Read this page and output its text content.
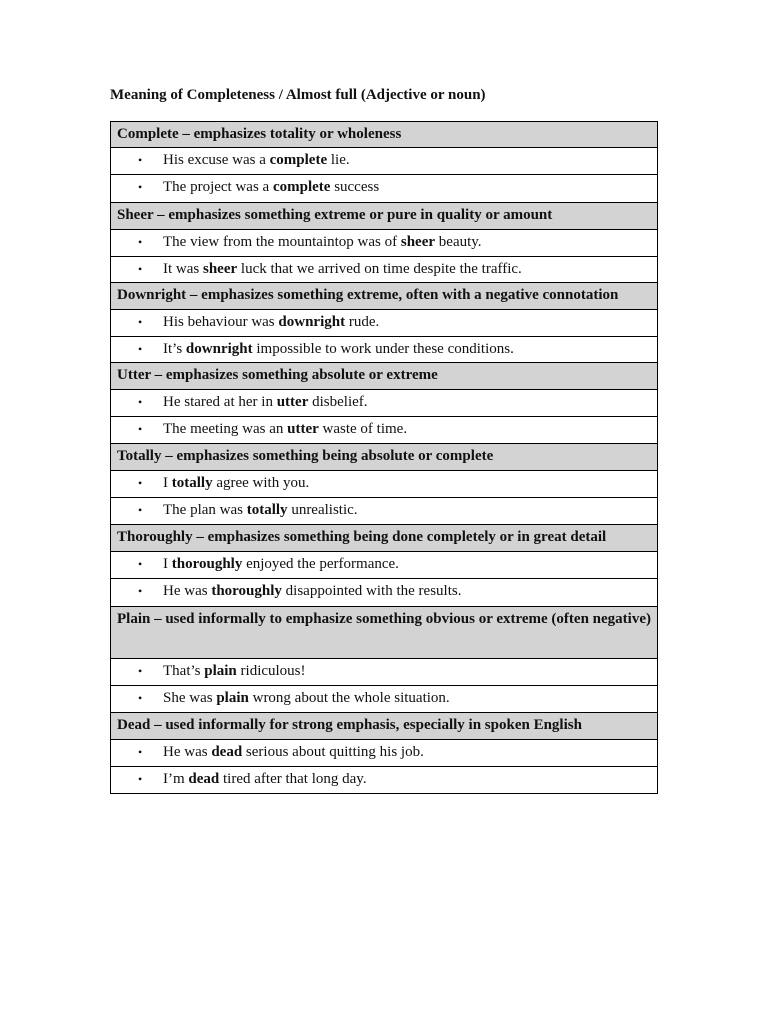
Meaning of Completeness / Almost full (Adjective or noun)
Complete – emphasizes totality or wholeness

• His excuse was a complete lie.

• The project was a complete success
Sheer – emphasizes something extreme or pure in quality or amount

• The view from the mountaintop was of sheer beauty.

• It was sheer luck that we arrived on time despite the traffic.
Downright – emphasizes something extreme, often with a negative connotation

• His behaviour was downright rude.

• It’s downright impossible to work under these conditions.
Utter – emphasizes something absolute or extreme

• He stared at her in utter disbelief.

• The meeting was an utter waste of time.
Totally – emphasizes something being absolute or complete

• I totally agree with you.

• The plan was totally unrealistic.
Thoroughly – emphasizes something being done completely or in great detail

• I thoroughly enjoyed the performance.

• He was thoroughly disappointed with the results.
Plain – used informally to emphasize something obvious or extreme (often negative)

• That’s plain ridiculous!

• She was plain wrong about the whole situation.
Dead – used informally for strong emphasis, especially in spoken English

• He was dead serious about quitting his job.

• I’m dead tired after that long day.
